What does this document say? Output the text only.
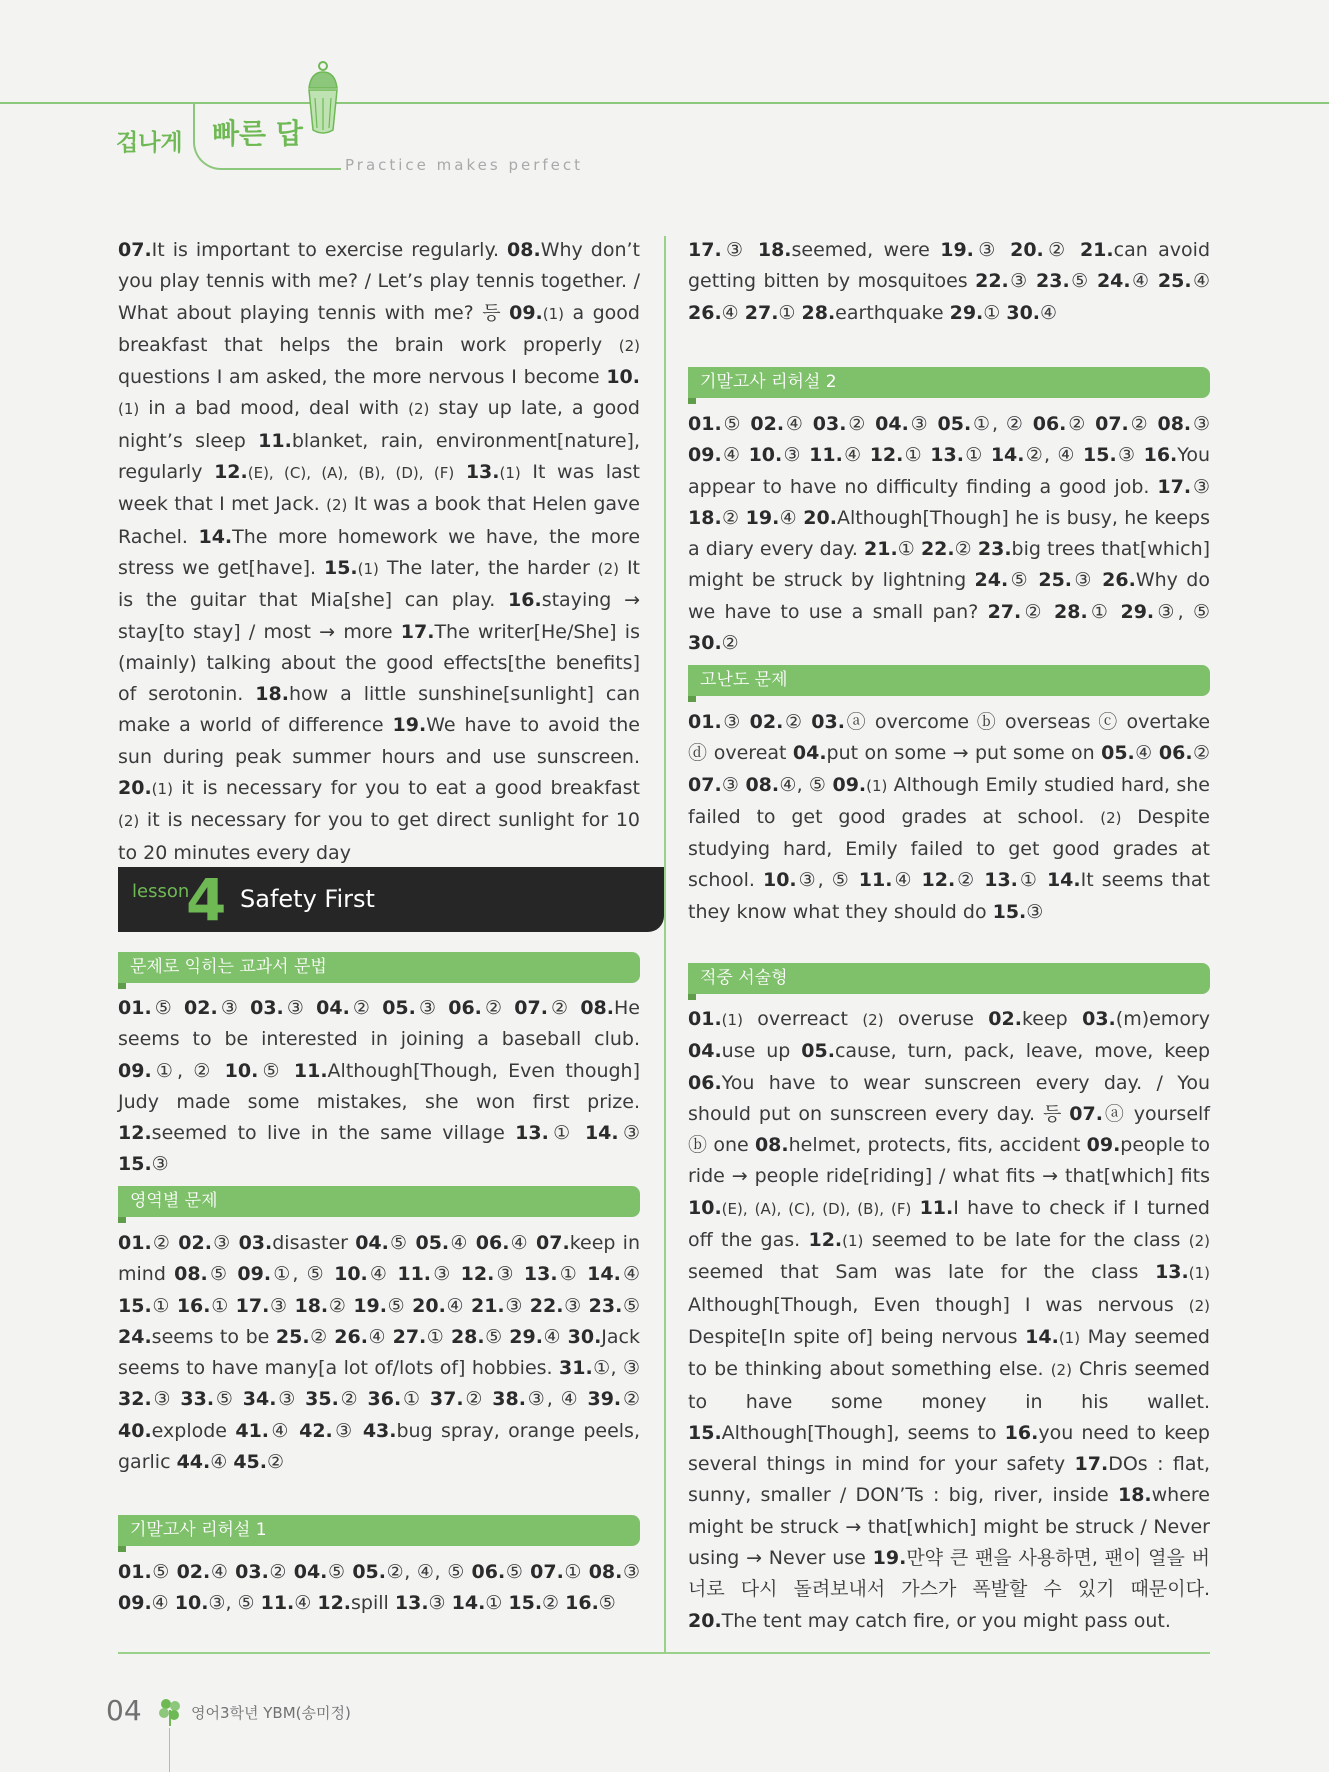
겁나게 빠른 답
Practice makes perfect

07.It is important to exercise regularly. 08.Why don’t you play tennis with me? / Let’s play tennis together. / What about playing tennis with me? 등 09.(1) a good breakfast that helps the brain work properly (2) questions I am asked, the more nervous I become 10.(1) in a bad mood, deal with (2) stay up late, a good night’s sleep 11.blanket, rain, environment[nature], regularly 12.(E), (C), (A), (B), (D), (F) 13.(1) It was last week that I met Jack. (2) It was a book that Helen gave Rachel. 14.The more homework we have, the more stress we get[have]. 15.(1) The later, the harder (2) It is the guitar that Mia[she] can play. 16.staying → stay[to stay] / most → more 17.The writer[He/She] is (mainly) talking about the good effects[the benefits] of serotonin. 18.how a little sunshine[sunlight] can make a world of difference 19.We have to avoid the sun during peak summer hours and use sunscreen. 20.(1) it is necessary for you to eat a good breakfast (2) it is necessary for you to get direct sunlight for 10 to 20 minutes every day

lesson
4 Safety First
문제로 익히는 교과서 문법

01.⑤ 02.③ 03.③ 04.② 05.③ 06.② 07.② 08.He seems to be interested in joining a baseball club. 09.①, ② 10.⑤ 11.Although[Though, Even though] Judy made some mistakes, she won first prize. 12.seemed to live in the same village 13.① 14.③ 15.③

영역별 문제

01.② 02.③ 03.disaster 04.⑤ 05.④ 06.④ 07.keep in mind 08.⑤ 09.①, ⑤ 10.④ 11.③ 12.③ 13.① 14.④ 15.① 16.① 17.③ 18.② 19.⑤ 20.④ 21.③ 22.③ 23.⑤ 24.seems to be 25.② 26.④ 27.① 28.⑤ 29.④ 30.Jack seems to have many[a lot of/lots of] hobbies. 31.①, ③ 32.③ 33.⑤ 34.③ 35.② 36.① 37.② 38.③, ④ 39.② 40.explode 41.④ 42.③ 43.bug spray, orange peels, garlic 44.④ 45.②

기말고사 리허설 1

01.⑤ 02.④ 03.② 04.⑤ 05.②, ④, ⑤ 06.⑤ 07.① 08.③ 09.④ 10.③, ⑤ 11.④ 12.spill 13.③ 14.① 15.② 16.⑤

17.③ 18.seemed, were 19.③ 20.② 21.can avoid getting bitten by mosquitoes 22.③ 23.⑤ 24.④ 25.④ 26.④ 27.① 28.earthquake 29.① 30.④

기말고사 리허설 2

01.⑤ 02.④ 03.② 04.③ 05.①, ② 06.② 07.② 08.③ 09.④ 10.③ 11.④ 12.① 13.① 14.②, ④ 15.③ 16.You appear to have no difficulty finding a good job. 17.③ 18.② 19.④ 20.Although[Though] he is busy, he keeps a diary every day. 21.① 22.② 23.big trees that[which] might be struck by lightning 24.⑤ 25.③ 26.Why do we have to use a small pan? 27.② 28.① 29.③, ⑤ 30.②

고난도 문제

01.③ 02.② 03.ⓐ overcome ⓑ overseas ⓒ overtake ⓓ overeat 04.put on some → put some on 05.④ 06.② 07.③ 08.④, ⑤ 09.(1) Although Emily studied hard, she failed to get good grades at school. (2) Despite studying hard, Emily failed to get good grades at school. 10.③, ⑤ 11.④ 12.② 13.① 14.It seems that they know what they should do 15.③

적중 서술형

01.(1) overreact (2) overuse 02.keep 03.(m)emory 04.use up 05.cause, turn, pack, leave, move, keep 06.You have to wear sunscreen every day. / You should put on sunscreen every day. 등 07.ⓐ yourself ⓑ one 08.helmet, protects, fits, accident 09.people to ride → people ride[riding] / what fits → that[which] fits 10.(E), (A), (C), (D), (B), (F) 11.I have to check if I turned off the gas. 12.(1) seemed to be late for the class (2) seemed that Sam was late for the class 13.(1) Although[Though, Even though] I was nervous (2) Despite[In spite of] being nervous 14.(1) May seemed to be thinking about something else. (2) Chris seemed to have some money in his wallet. 15.Although[Though], seems to 16.you need to keep several things in mind for your safety 17.DOs : flat, sunny, smaller / DON’Ts : big, river, inside 18.where might be struck → that[which] might be struck / Never using → Never use 19.만약 큰 팬을 사용하면, 팬이 열을 버너로 다시 돌려보내서 가스가 폭발할 수 있기 때문이다. 20.The tent may catch fire, or you might pass out.

04	영어3학년 YBM(송미정)
